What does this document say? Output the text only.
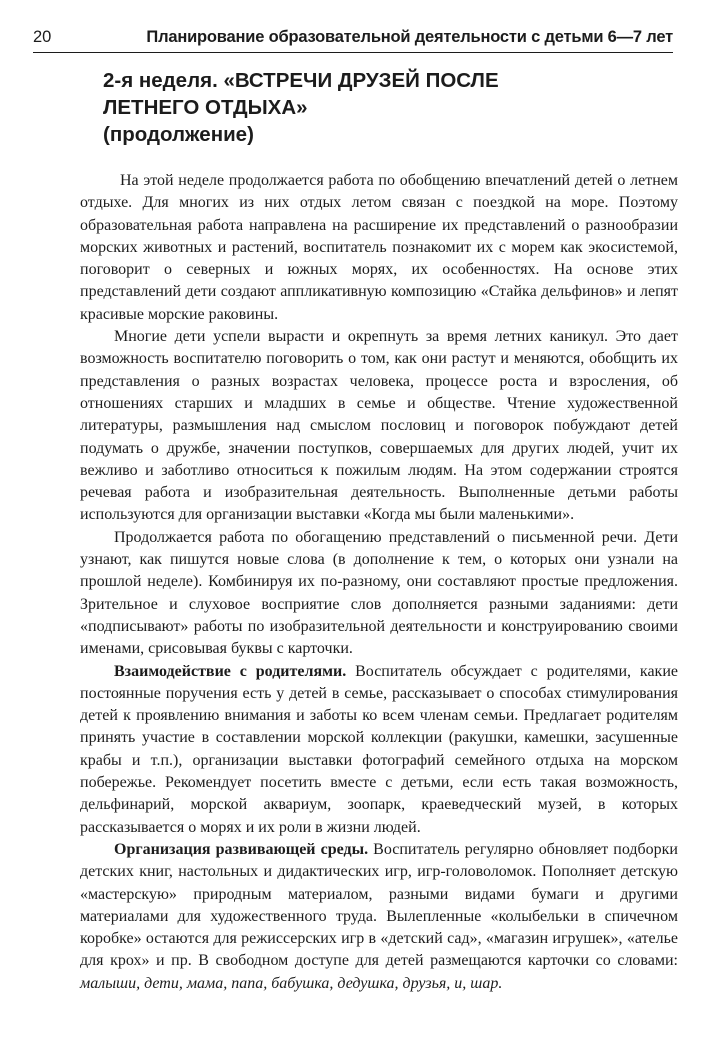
20	Планирование образовательной деятельности с детьми 6—7 лет
2-я неделя. «ВСТРЕЧИ ДРУЗЕЙ ПОСЛЕ
ЛЕТНЕГО ОТДЫХА»
(продолжение)

На этой неделе продолжается работа по обобщению впечатлений детей о летнем отдыхе. Для многих из них отдых летом связан с поездкой на море. Поэтому образовательная работа направлена на расширение их представлений о разнообразии морских животных и растений, воспитатель познакомит их с морем как экосистемой, поговорит о северных и южных морях, их особенностях. На основе этих представлений дети создают аппликативную композицию «Стайка дельфинов» и лепят красивые морские раковины.

Многие дети успели вырасти и окрепнуть за время летних каникул. Это дает возможность воспитателю поговорить о том, как они растут и меняются, обобщить их представления о разных возрастах человека, процессе роста и взросления, об отношениях старших и младших в семье и обществе. Чтение художественной литературы, размышления над смыслом пословиц и поговорок побуждают детей подумать о дружбе, значении поступков, совершаемых для других людей, учит их вежливо и заботливо относиться к пожилым людям. На этом содержании строятся речевая работа и изобразительная деятельность. Выполненные детьми работы используются для организации выставки «Когда мы были маленькими».

Продолжается работа по обогащению представлений о письменной речи. Дети узнают, как пишутся новые слова (в дополнение к тем, о которых они узнали на прошлой неделе). Комбинируя их по-разному, они составляют простые предложения. Зрительное и слуховое восприятие слов дополняется разными заданиями: дети «подписывают» работы по изобразительной деятельности и конструированию своими именами, срисовывая буквы с карточки.

Взаимодействие с родителями. Воспитатель обсуждает с родителями, какие постоянные поручения есть у детей в семье, рассказывает о способах стимулирования детей к проявлению внимания и заботы ко всем членам семьи. Предлагает родителям принять участие в составлении морской коллекции (ракушки, камешки, засушенные крабы и т.п.), организации выставки фотографий семейного отдыха на морском побережье. Рекомендует посетить вместе с детьми, если есть такая возможность, дельфинарий, морской аквариум, зоопарк, краеведческий музей, в которых рассказывается о морях и их роли в жизни людей.

Организация развивающей среды. Воспитатель регулярно обновляет подборки детских книг, настольных и дидактических игр, игр-головоломок. Пополняет детскую «мастерскую» природным материалом, разными видами бумаги и другими материалами для художественного труда. Вылепленные «колыбельки в спичечном коробке» остаются для режиссерских игр в «детский сад», «магазин игрушек», «ателье для крох» и пр. В свободном доступе для детей размещаются карточки со словами: малыши, дети, мама, папа, бабушка, дедушка, друзья, и, шар.
